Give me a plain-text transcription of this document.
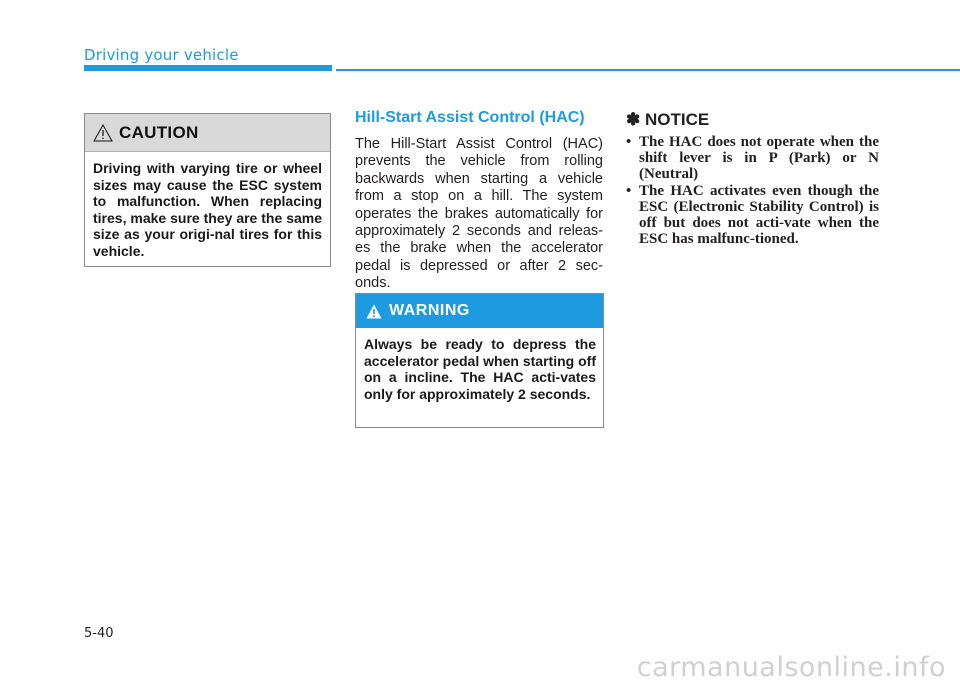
Driving your vehicle
CAUTION

Driving with varying tire or wheel sizes may cause the ESC system to malfunction. When replacing tires, make sure they are the same size as your origi-nal tires for this vehicle.

Hill-Start Assist Control (HAC)

The Hill-Start Assist Control (HAC) prevents the vehicle from rolling backwards when starting a vehicle from a stop on a hill. The system operates the brakes automatically for approximately 2 seconds and releas-es the brake when the accelerator pedal is depressed or after 2 sec-onds.

WARNING

Always be ready to depress the accelerator pedal when starting off on a incline. The HAC acti-vates only for approximately 2 seconds.

✽ NOTICE
• The HAC does not operate when the shift lever is in P (Park) or N (Neutral)
• The HAC activates even though the ESC (Electronic Stability Control) is off but does not acti-vate when the ESC has malfunc-tioned.

5-40

carmanualsonline.info
